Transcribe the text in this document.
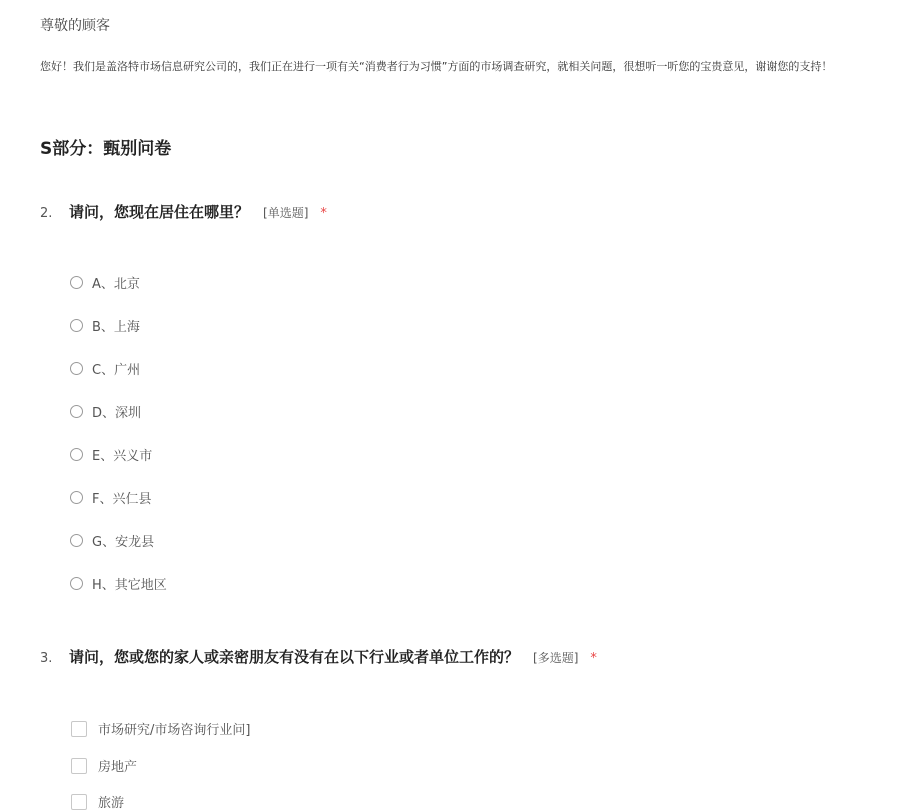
尊敬的顾客
您好！我们是盖洛特市场信息研究公司的，我们正在进行一项有关“消费者行为习惯”方面的市场调查研究，就相关问题，很想听一听您的宝贵意见，谢谢您的支持！
S部分：甄别问卷
2.	请问，您现在居住在哪里？ [单选题] *
A、北京
B、上海
C、广州
D、深圳
E、兴义市
F、兴仁县
G、安龙县
H、其它地区
3.	请问，您或您的家人或亲密朋友有没有在以下行业或者单位工作的？ [多选题] *
市场研究/市场咨询行业问]
房地产
旅游
